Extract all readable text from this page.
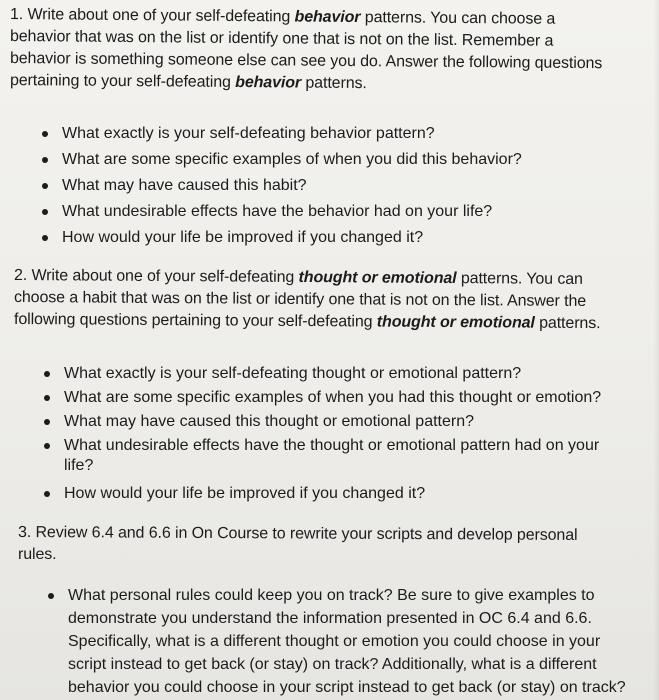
1. Write about one of your self-defeating behavior patterns. You can choose a
behavior that was on the list or identify one that is not on the list. Remember a
behavior is something someone else can see you do. Answer the following questions
pertaining to your self-defeating behavior patterns.
What exactly is your self-defeating behavior pattern?
What are some specific examples of when you did this behavior?
What may have caused this habit?
What undesirable effects have the behavior had on your life?
How would your life be improved if you changed it?
2. Write about one of your self-defeating thought or emotional patterns. You can
choose a habit that was on the list or identify one that is not on the list. Answer the
following questions pertaining to your self-defeating thought or emotional patterns.
What exactly is your self-defeating thought or emotional pattern?
What are some specific examples of when you had this thought or emotion?
What may have caused this thought or emotional pattern?
What undesirable effects have the thought or emotional pattern had on your
life?
How would your life be improved if you changed it?
3. Review 6.4 and 6.6 in On Course to rewrite your scripts and develop personal
rules.
What personal rules could keep you on track? Be sure to give examples to
demonstrate you understand the information presented in OC 6.4 and 6.6.
Specifically, what is a different thought or emotion you could choose in your
script instead to get back (or stay) on track? Additionally, what is a different
behavior you could choose in your script instead to get back (or stay) on track?
